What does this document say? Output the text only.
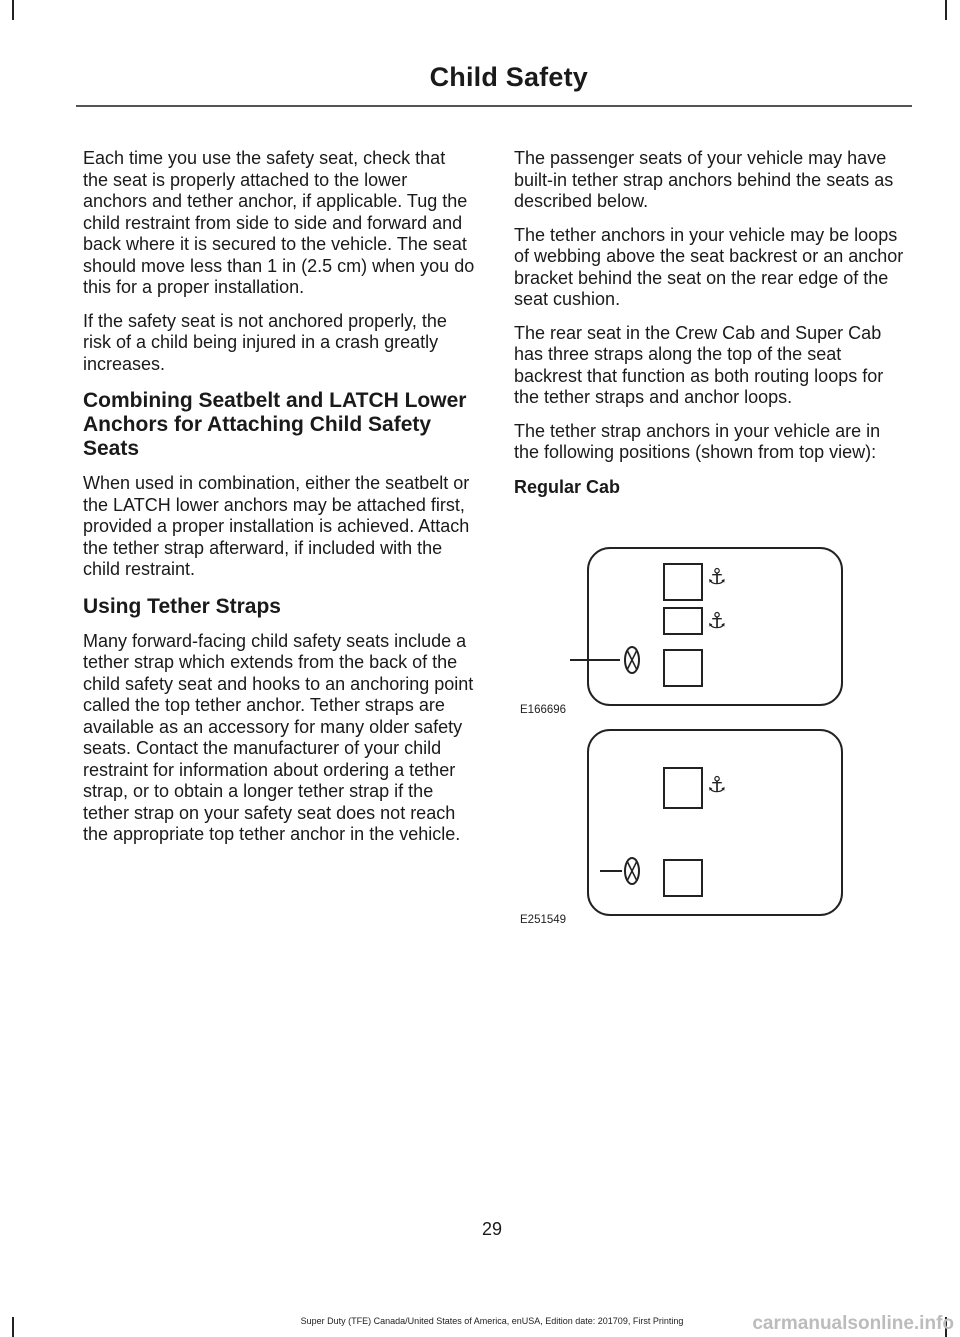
Child Safety

Each time you use the safety seat, check that the seat is properly attached to the lower anchors and tether anchor, if applicable. Tug the child restraint from side to side and forward and back where it is secured to the vehicle. The seat should move less than 1 in (2.5 cm) when you do this for a proper installation.

If the safety seat is not anchored properly, the risk of a child being injured in a crash greatly increases.

Combining Seatbelt and LATCH Lower Anchors for Attaching Child Safety Seats

When used in combination, either the seatbelt or the LATCH lower anchors may be attached first, provided a proper installation is achieved. Attach the tether strap afterward, if included with the child restraint.

Using Tether Straps

Many forward-facing child safety seats include a tether strap which extends from the back of the child safety seat and hooks to an anchoring point called the top tether anchor. Tether straps are available as an accessory for many older safety seats. Contact the manufacturer of your child restraint for information about ordering a tether strap, or to obtain a longer tether strap if the tether strap on your safety seat does not reach the appropriate top tether anchor in the vehicle.

The passenger seats of your vehicle may have built-in tether strap anchors behind the seats as described below.

The tether anchors in your vehicle may be loops of webbing above the seat backrest or an anchor bracket behind the seat on the rear edge of the seat cushion.

The rear seat in the Crew Cab and Super Cab has three straps along the top of the seat backrest that function as both routing loops for the tether straps and anchor loops.

The tether strap anchors in your vehicle are in the following positions (shown from top view):

Regular Cab
⚓
⚓
E166696
⚓
E251549
29
Super Duty (TFE) Canada/United States of America, enUSA, Edition date: 201709, First Printing	carmanualsonline.info
